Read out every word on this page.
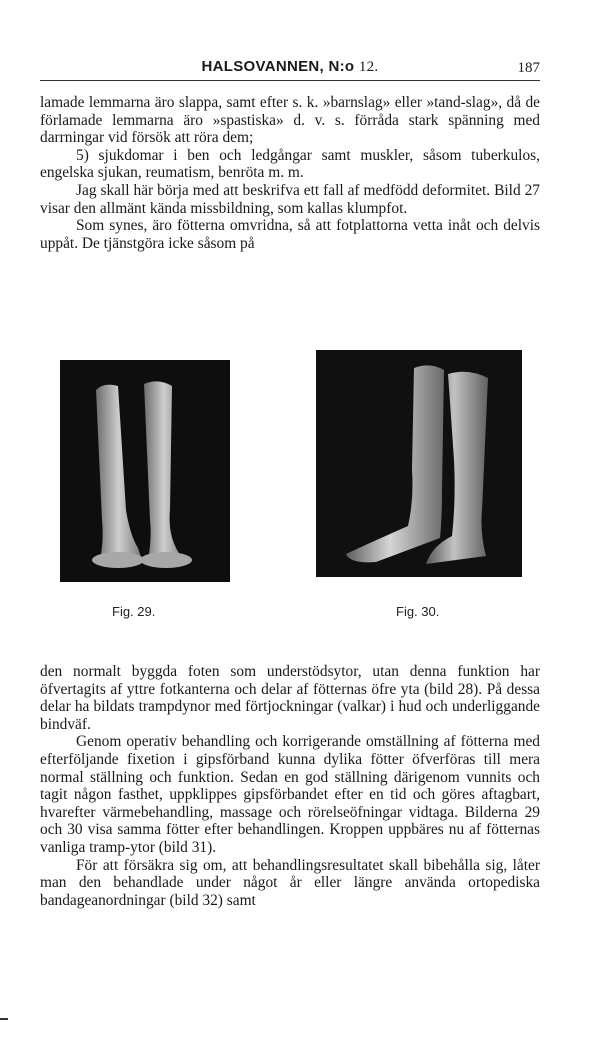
HALSOVANNEN, N:o 12.	187

lamade lemmarna äro slappa, samt efter s. k. »barnslag» eller »tand-slag», då de förlamade lemmarna äro »spastiska» d. v. s. förråda stark spänning med darrningar vid försök att röra dem;

5) sjukdomar i ben och ledgångar samt muskler, såsom tuberkulos, engelska sjukan, reumatism, benröta m. m.

Jag skall här börja med att beskrifva ett fall af medfödd deformitet. Bild 27 visar den allmänt kända missbildning, som kallas klumpfot.

Som synes, äro fötterna omvridna, så att fotplattorna vetta inåt och delvis uppåt. De tjänstgöra icke såsom på

Fig. 29.	Fig. 30.

den normalt byggda foten som understödsytor, utan denna funktion har öfvertagits af yttre fotkanterna och delar af fötternas öfre yta (bild 28). På dessa delar ha bildats trampdynor med förtjockningar (valkar) i hud och underliggande bindväf.

Genom operativ behandling och korrigerande omställning af fötterna med efterföljande fixetion i gipsförband kunna dylika fötter öfverföras till mera normal ställning och funktion. Sedan en god ställning därigenom vunnits och tagit någon fasthet, uppklippes gipsförbandet efter en tid och göres aftagbart, hvarefter värmebehandling, massage och rörelseöfningar vidtaga. Bilderna 29 och 30 visa samma fötter efter behandlingen. Kroppen uppbäres nu af fötternas vanliga tramp-ytor (bild 31).

För att försäkra sig om, att behandlingsresultatet skall bibehålla sig, låter man den behandlade under något år eller längre använda ortopediska bandageanordningar (bild 32) samt
